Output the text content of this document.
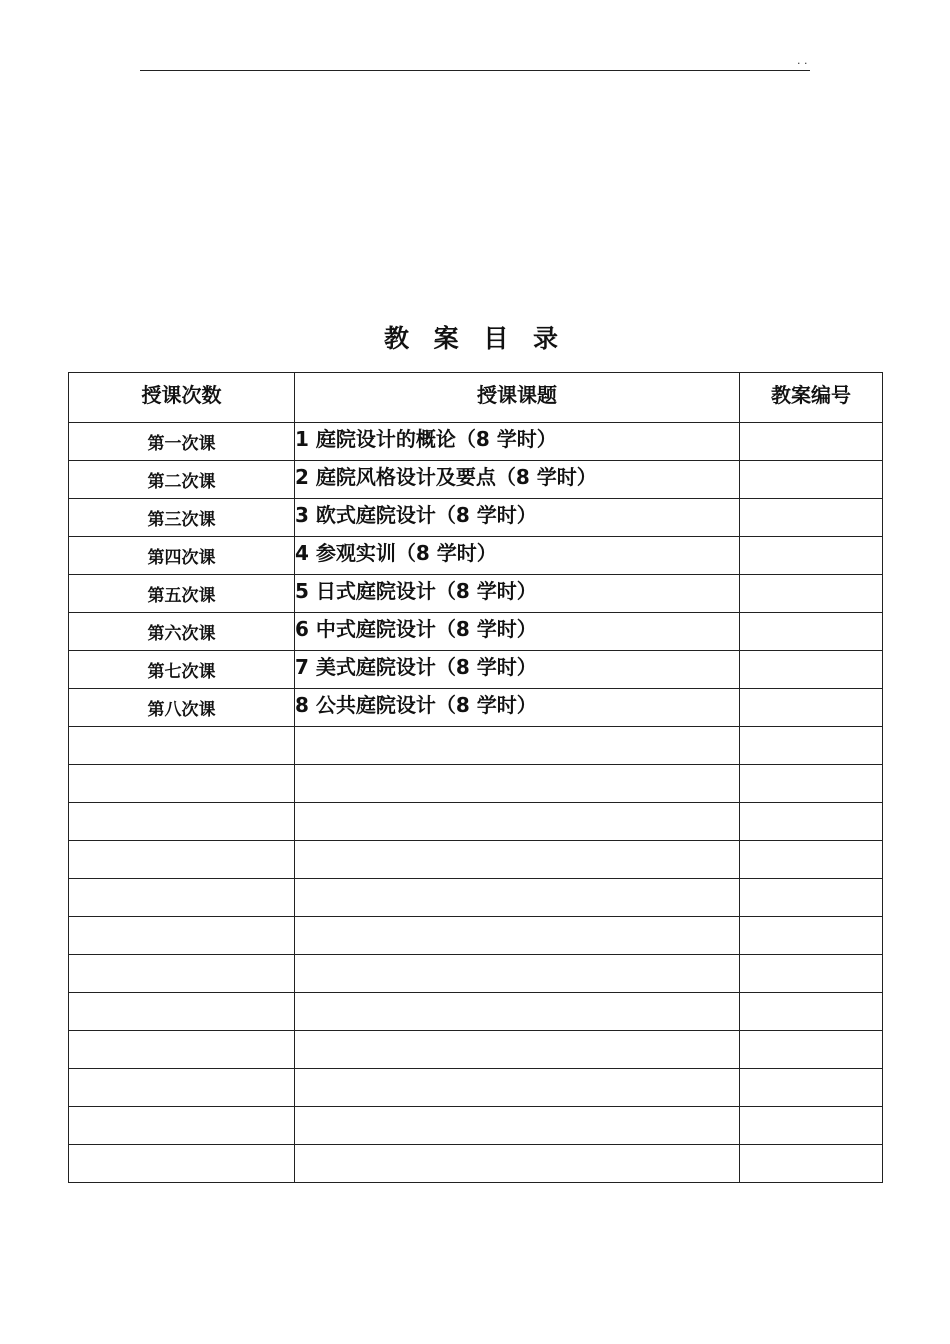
. .
教 案 目 录
授课次数	授课课题	教案编号
第一次课	1 庭院设计的概论（8 学时）	
第二次课	2 庭院风格设计及要点（8 学时）	
第三次课	3 欧式庭院设计（8 学时）	
第四次课	4 参观实训（8 学时）	
第五次课	5 日式庭院设计（8 学时）	
第六次课	6 中式庭院设计（8 学时）	
第七次课	7 美式庭院设计（8 学时）	
第八次课	8 公共庭院设计（8 学时）	
